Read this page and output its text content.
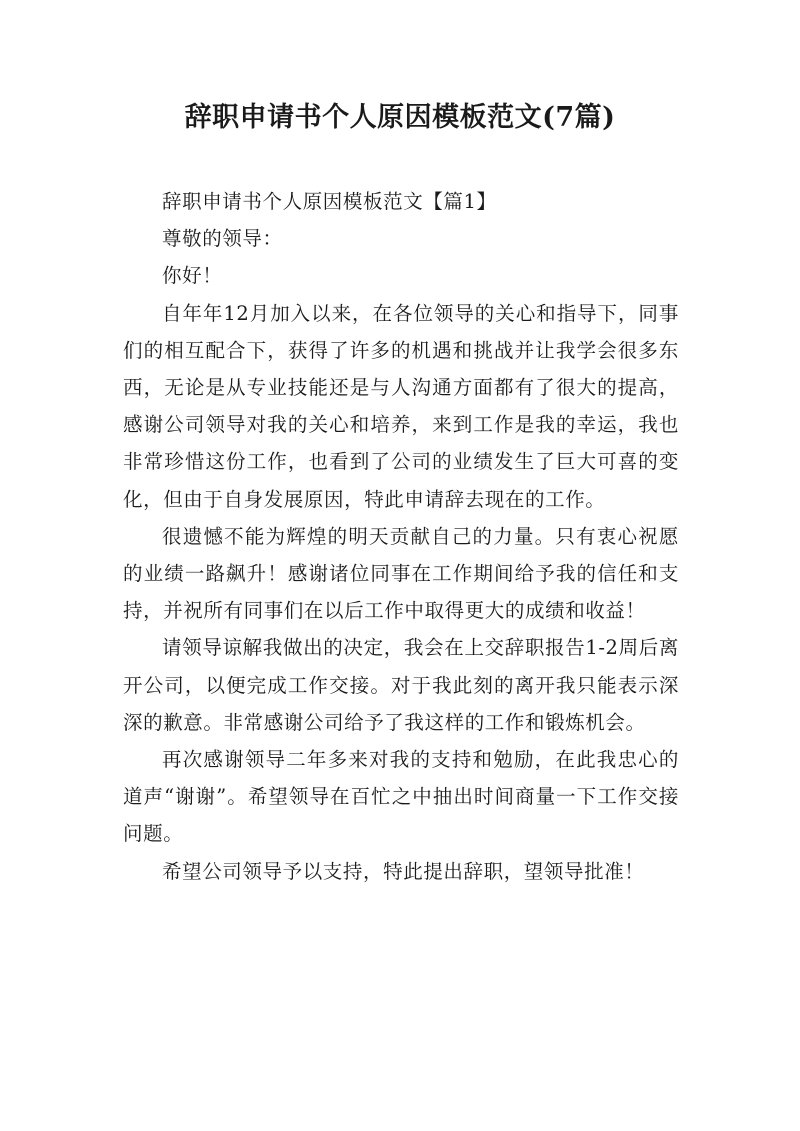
辞职申请书个人原因模板范文(7篇)

辞职申请书个人原因模板范文【篇1】

尊敬的领导：

你好！

自年年12月加入以来，在各位领导的关心和指导下，同事们的相互配合下，获得了许多的机遇和挑战并让我学会很多东西，无论是从专业技能还是与人沟通方面都有了很大的提高，感谢公司领导对我的关心和培养，来到工作是我的幸运，我也非常珍惜这份工作，也看到了公司的业绩发生了巨大可喜的变化，但由于自身发展原因，特此申请辞去现在的工作。

很遗憾不能为辉煌的明天贡献自己的力量。只有衷心祝愿的业绩一路飙升！感谢诸位同事在工作期间给予我的信任和支持，并祝所有同事们在以后工作中取得更大的成绩和收益！

请领导谅解我做出的决定，我会在上交辞职报告1-2周后离开公司，以便完成工作交接。对于我此刻的离开我只能表示深深的歉意。非常感谢公司给予了我这样的工作和锻炼机会。

再次感谢领导二年多来对我的支持和勉励，在此我忠心的道声“谢谢”。希望领导在百忙之中抽出时间商量一下工作交接问题。

希望公司领导予以支持，特此提出辞职，望领导批准！
